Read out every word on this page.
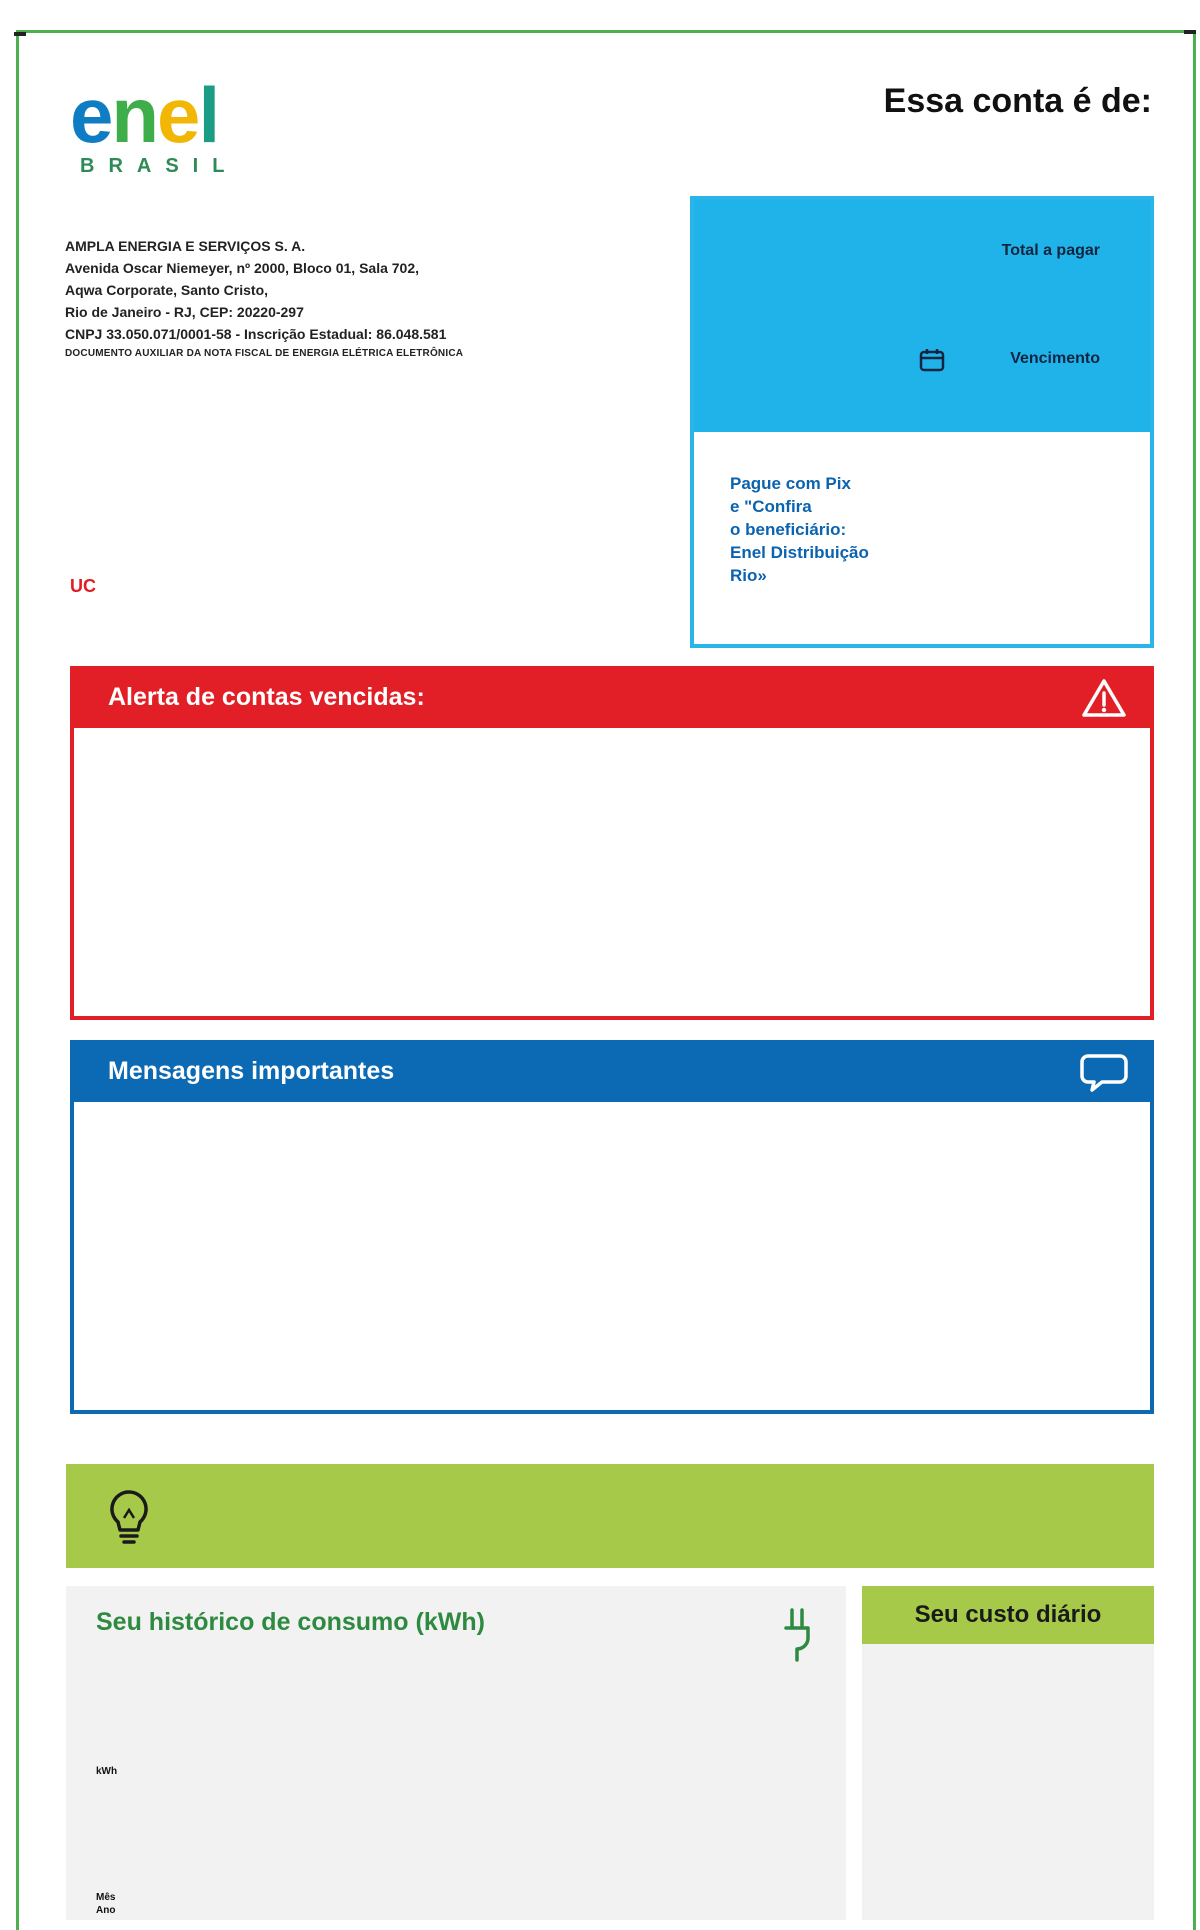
enel
BRASIL
Essa conta é de:
AMPLA ENERGIA E SERVIÇOS S. A.
Avenida Oscar Niemeyer, nº 2000, Bloco 01, Sala 702,
Aqwa Corporate, Santo Cristo,
Rio de Janeiro - RJ, CEP: 20220-297
CNPJ 33.050.071/0001-58 - Inscrição Estadual: 86.048.581
DOCUMENTO AUXILIAR DA NOTA FISCAL DE ENERGIA ELÉTRICA ELETRÔNICA
UC
Total a pagar
Vencimento
Pague com Pix
e "Confira
o beneficiário:
Enel Distribuição
Rio»
Alerta de contas vencidas:
Mensagens importantes
Seu histórico de consumo (kWh)
kWh
Mês
Ano
Seu custo diário
